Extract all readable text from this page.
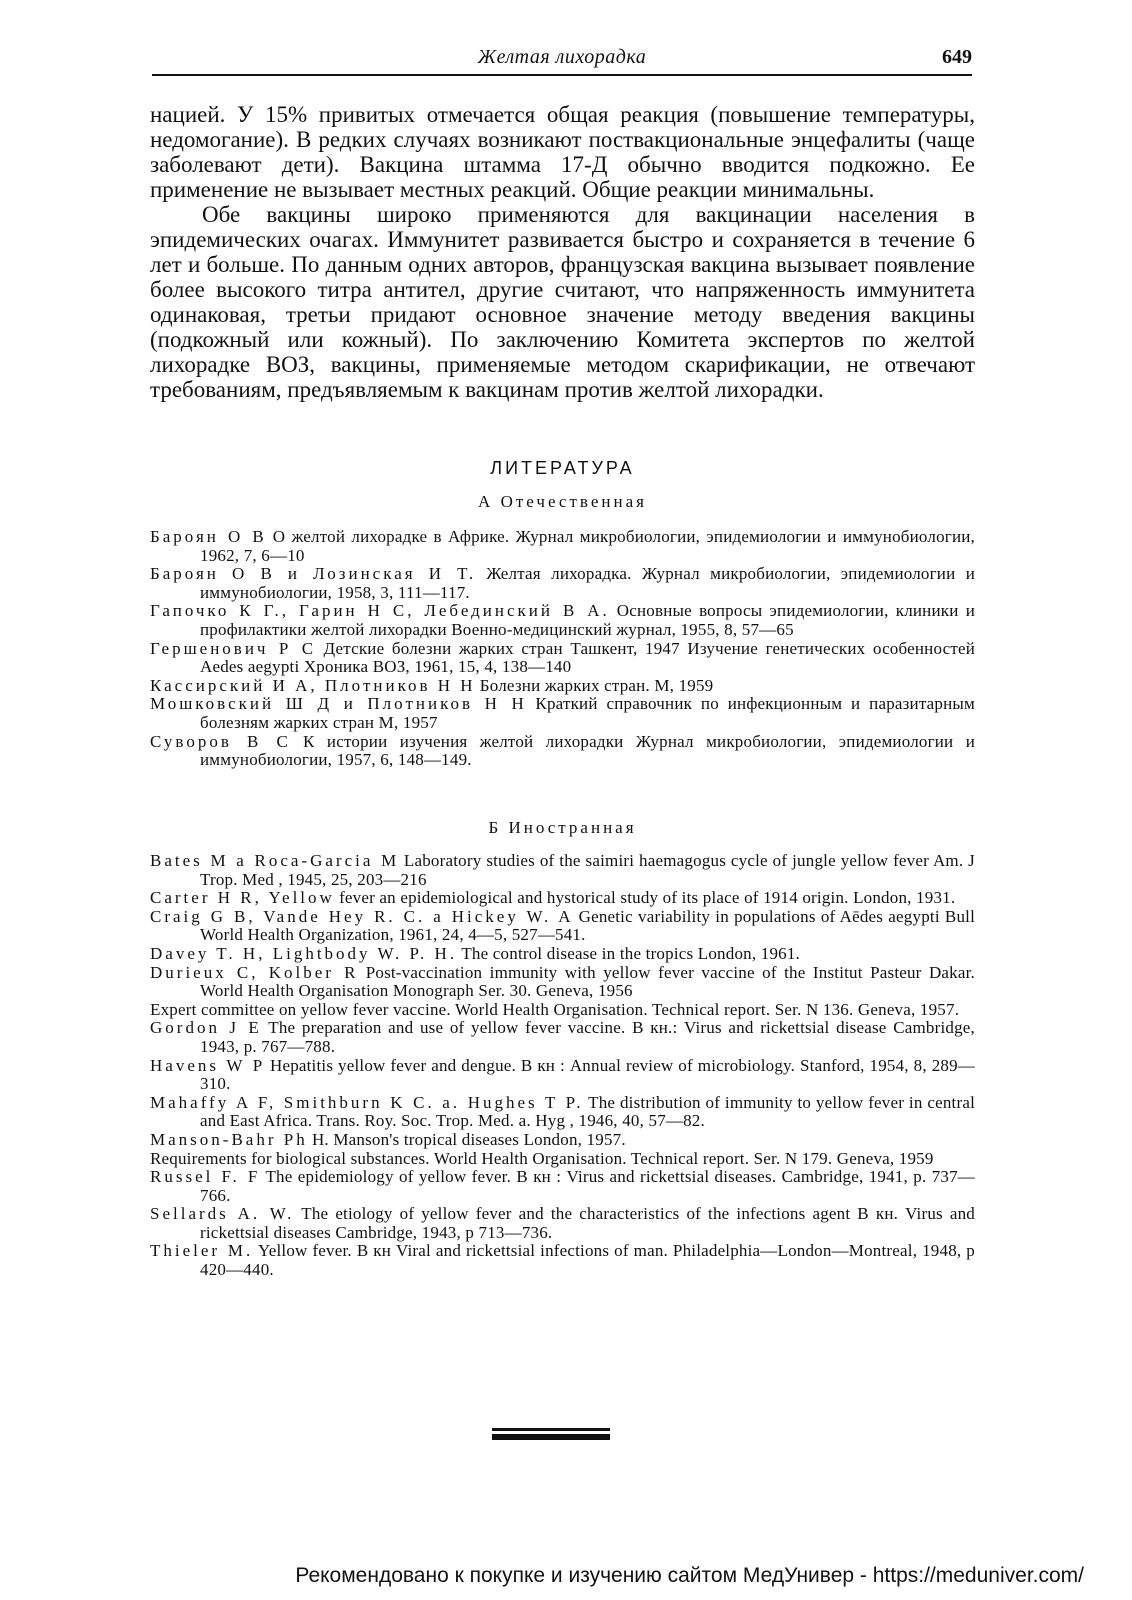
Желтая лихорадка	649

нацией. У 15% привитых отмечается общая реакция (повышение температуры, недомогание). В редких случаях возникают поствакциональные энцефалиты (чаще заболевают дети). Вакцина штамма 17-Д обычно вводится подкожно. Ее применение не вызывает местных реакций. Общие реакции минимальны.

Обе вакцины широко применяются для вакцинации населения в эпидемических очагах. Иммунитет развивается быстро и сохраняется в течение 6 лет и больше. По данным одних авторов, французская вакцина вызывает появление более высокого титра антител, другие считают, что напряженность иммунитета одинаковая, третьи придают основное значение методу введения вакцины (подкожный или кожный). По заключению Комитета экспертов по желтой лихорадке ВОЗ, вакцины, применяемые методом скарификации, не отвечают требованиям, предъявляемым к вакцинам против желтой лихорадки.

ЛИТЕРАТУРА
А Отечественная

Бароян О В О желтой лихорадке в Африке. Журнал микробиологии, эпидемиологии и иммунобиологии, 1962, 7, 6—10

Бароян О В и Лозинская И Т. Желтая лихорадка. Журнал микробиологии, эпидемиологии и иммунобиологии, 1958, 3, 111—117.

Гапочко К Г., Гарин Н С, Лебединский В А. Основные вопросы эпидемиологии, клиники и профилактики желтой лихорадки Военно-медицинский журнал, 1955, 8, 57—65

Гершенович Р С Детские болезни жарких стран Ташкент, 1947 Изучение генетических особенностей Aedes aegypti Хроника ВОЗ, 1961, 15, 4, 138—140

Кассирский И А, Плотников Н Н Болезни жарких стран. М, 1959

Мошковский Ш Д и Плотников Н Н Краткий справочник по инфекционным и паразитарным болезням жарких стран М, 1957

Суворов В С К истории изучения желтой лихорадки Журнал микробиологии, эпидемиологии и иммунобиологии, 1957, 6, 148—149.

Б Иностранная

Bates M a Roca-Garcia M Laboratory studies of the saimiri haemagogus cycle of jungle yellow fever Am. J Trop. Med , 1945, 25, 203—216

Carter H R, Yellow fever an epidemiological and hystorical study of its place of 1914 origin. London, 1931.

Craig G B, Vande Hey R. C. a Hickey W. A Genetic variability in populations of Aēdes aegypti Bull World Health Organization, 1961, 24, 4—5, 527—541.

Davey T. H, Lightbody W. P. H. The control disease in the tropics London, 1961.

Durieux C, Kolber R Post-vaccination immunity with yellow fever vaccine of the Institut Pasteur Dakar. World Health Organisation Monograph Ser. 30. Geneva, 1956

Expert committee on yellow fever vaccine. World Health Organisation. Technical report. Ser. N 136. Geneva, 1957.

Gordon J E The preparation and use of yellow fever vaccine. В кн.: Virus and rickettsial disease Cambridge, 1943, p. 767—788.

Havens W P Hepatitis yellow fever and dengue. В кн : Annual review of microbiology. Stanford, 1954, 8, 289—310.

Mahaffy A F, Smithburn K C. a. Hughes T P. The distribution of immunity to yellow fever in central and East Africa. Trans. Roy. Soc. Trop. Med. a. Hyg , 1946, 40, 57—82.

Manson-Bahr Ph H. Manson's tropical diseases London, 1957.

Requirements for biological substances. World Health Organisation. Technical report. Ser. N 179. Geneva, 1959

Russel F. F The epidemiology of yellow fever. В кн : Virus and rickettsial diseases. Cambridge, 1941, p. 737—766.

Sellards A. W. The etiology of yellow fever and the characteristics of the infections agent В кн. Virus and rickettsial diseases Cambridge, 1943, p 713—736.

Thieler M. Yellow fever. В кн Viral and rickettsial infections of man. Philadelphia—London—Montreal, 1948, p 420—440.

Рекомендовано к покупке и изучению сайтом МедУнивер - https://meduniver.com/
